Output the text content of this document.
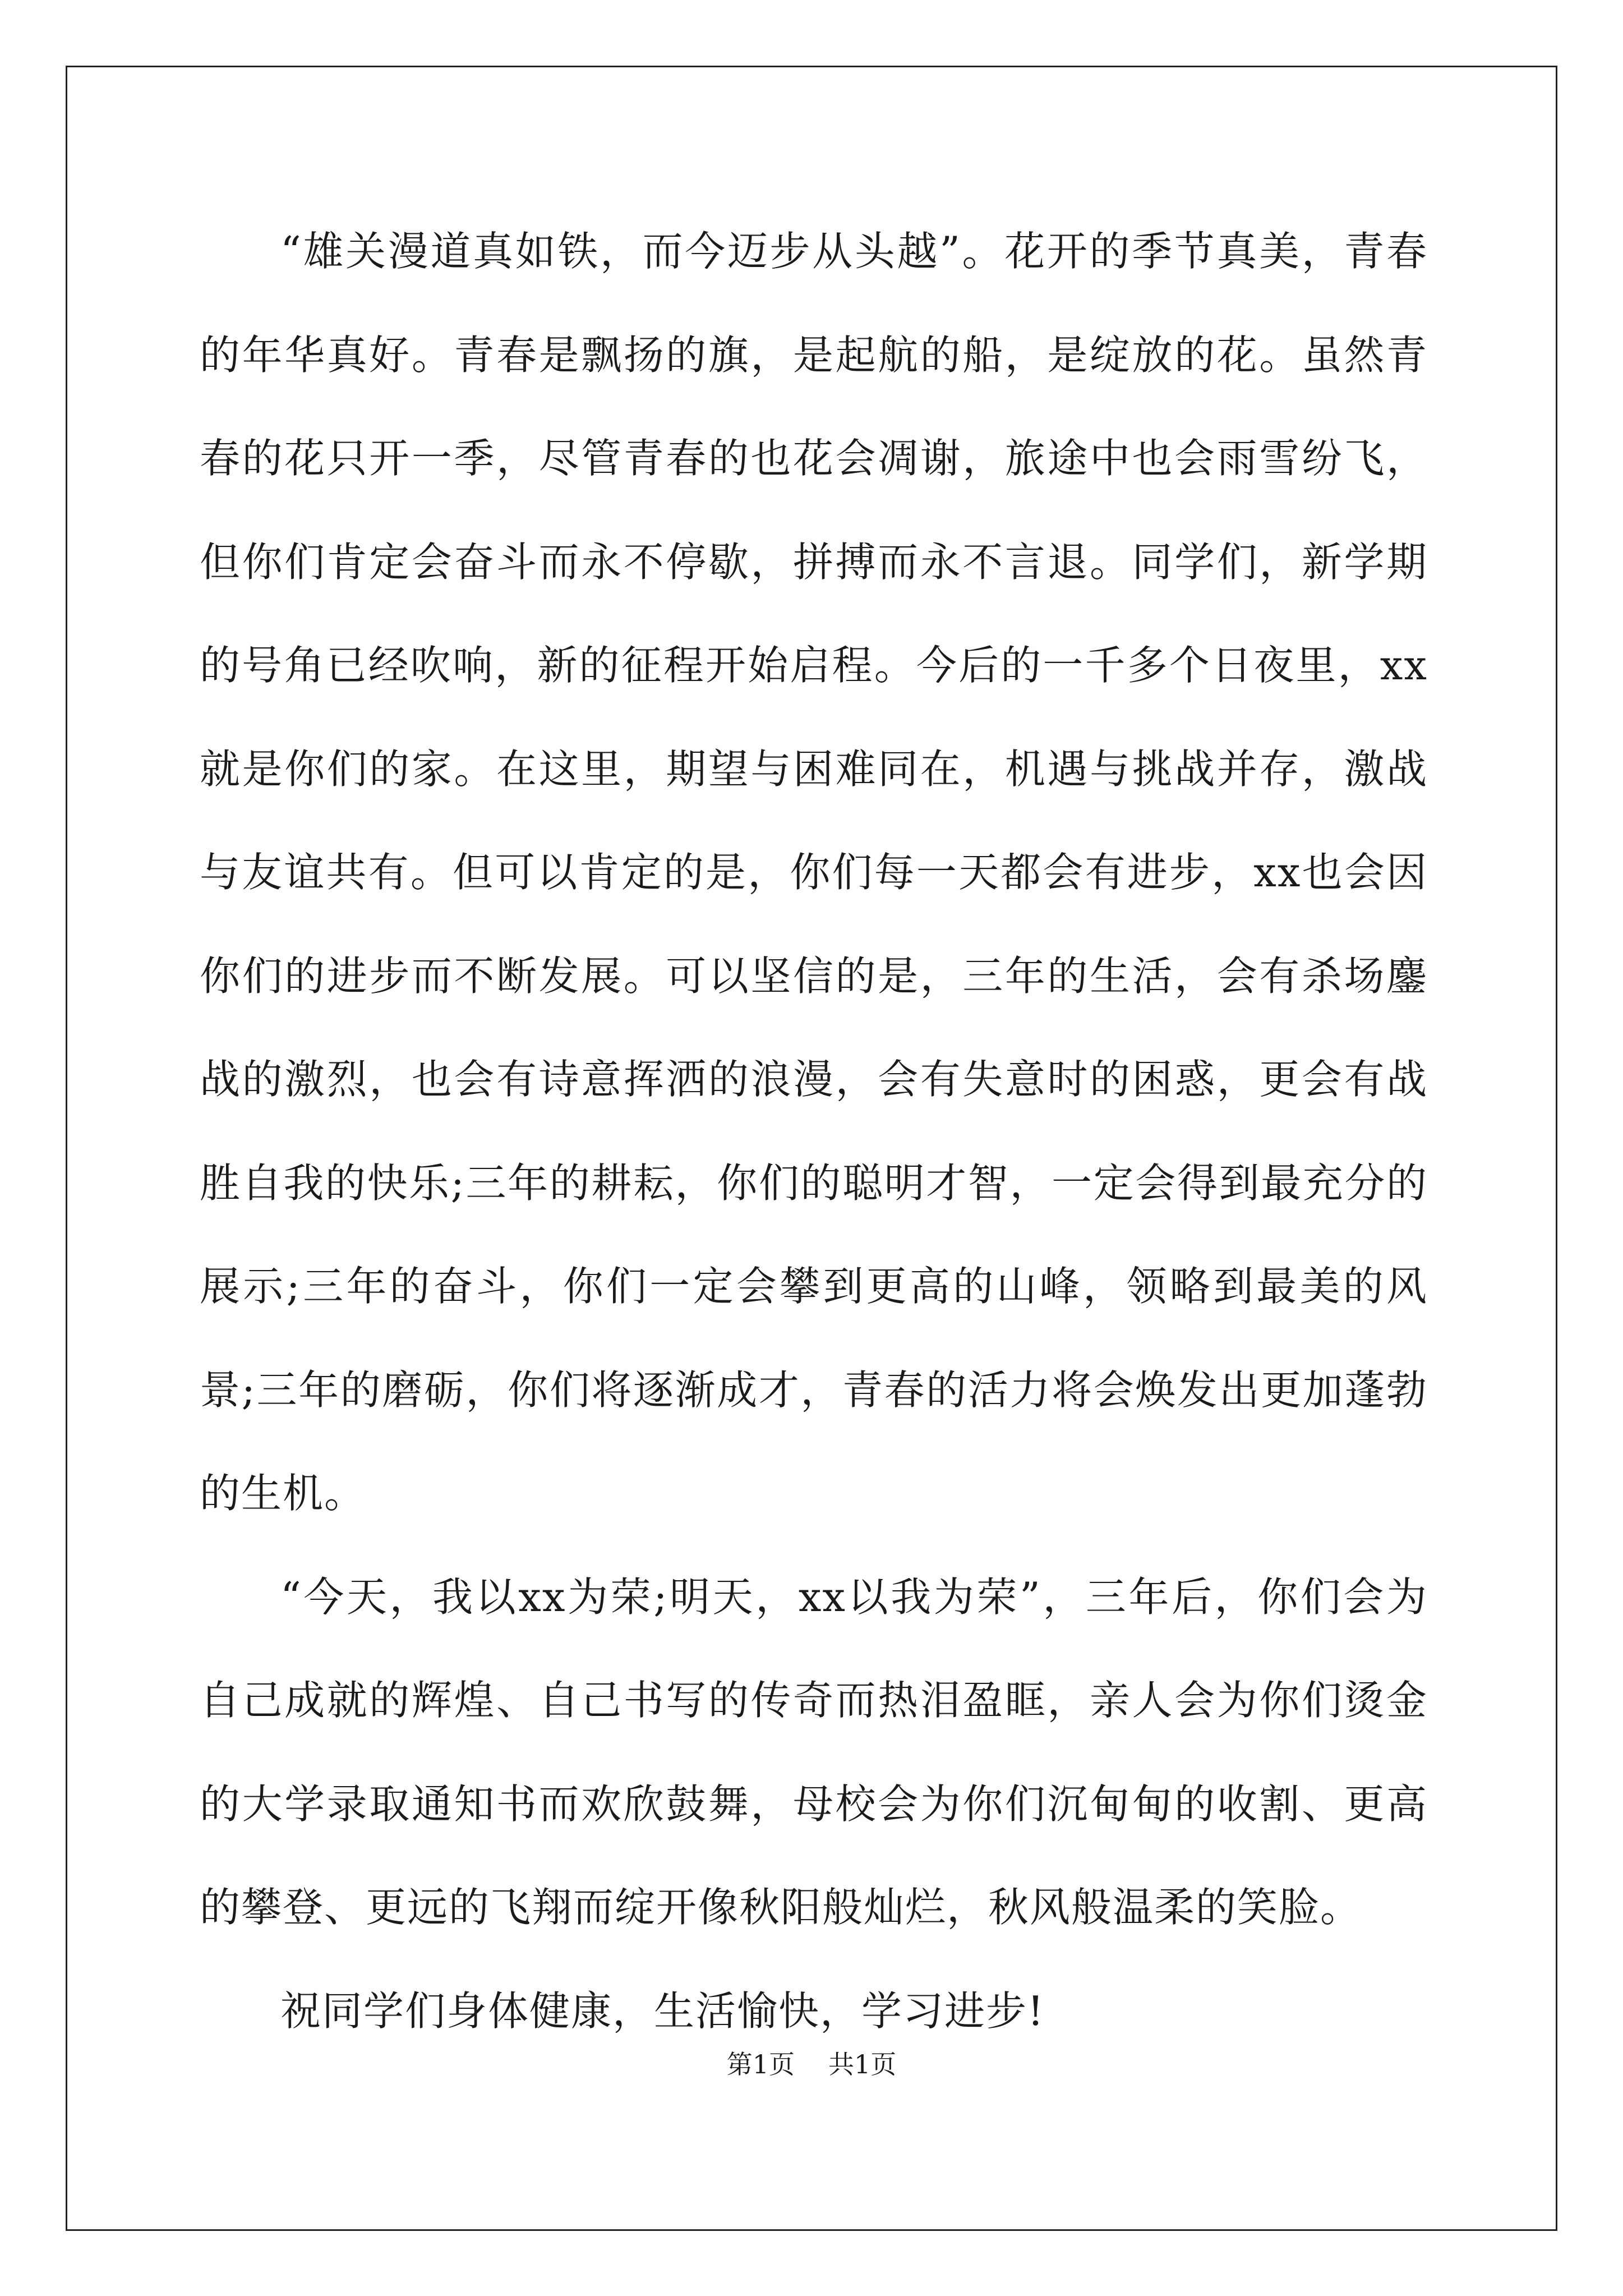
“雄关漫道真如铁，而今迈步从头越”。花开的季节真美，青春的年华真好。青春是飘扬的旗，是起航的船，是绽放的花。虽然青春的花只开一季，尽管青春的也花会凋谢，旅途中也会雨雪纷飞，但你们肯定会奋斗而永不停歇，拼搏而永不言退。同学们，新学期的号角已经吹响，新的征程开始启程。今后的一千多个日夜里，xx就是你们的家。在这里，期望与困难同在，机遇与挑战并存，激战与友谊共有。但可以肯定的是，你们每一天都会有进步，xx也会因你们的进步而不断发展。可以坚信的是，三年的生活，会有杀场鏖战的激烈，也会有诗意挥洒的浪漫，会有失意时的困惑，更会有战胜自我的快乐;三年的耕耘，你们的聪明才智，一定会得到最充分的展示;三年的奋斗，你们一定会攀到更高的山峰，领略到最美的风景;三年的磨砺，你们将逐渐成才，青春的活力将会焕发出更加蓬勃的生机。

“今天，我以xx为荣;明天，xx以我为荣”，三年后，你们会为自己成就的辉煌、自己书写的传奇而热泪盈眶，亲人会为你们烫金的大学录取通知书而欢欣鼓舞，母校会为你们沉甸甸的收割、更高的攀登、更远的飞翔而绽开像秋阳般灿烂，秋风般温柔的笑脸。

祝同学们身体健康，生活愉快，学习进步!

第1页 共1页
